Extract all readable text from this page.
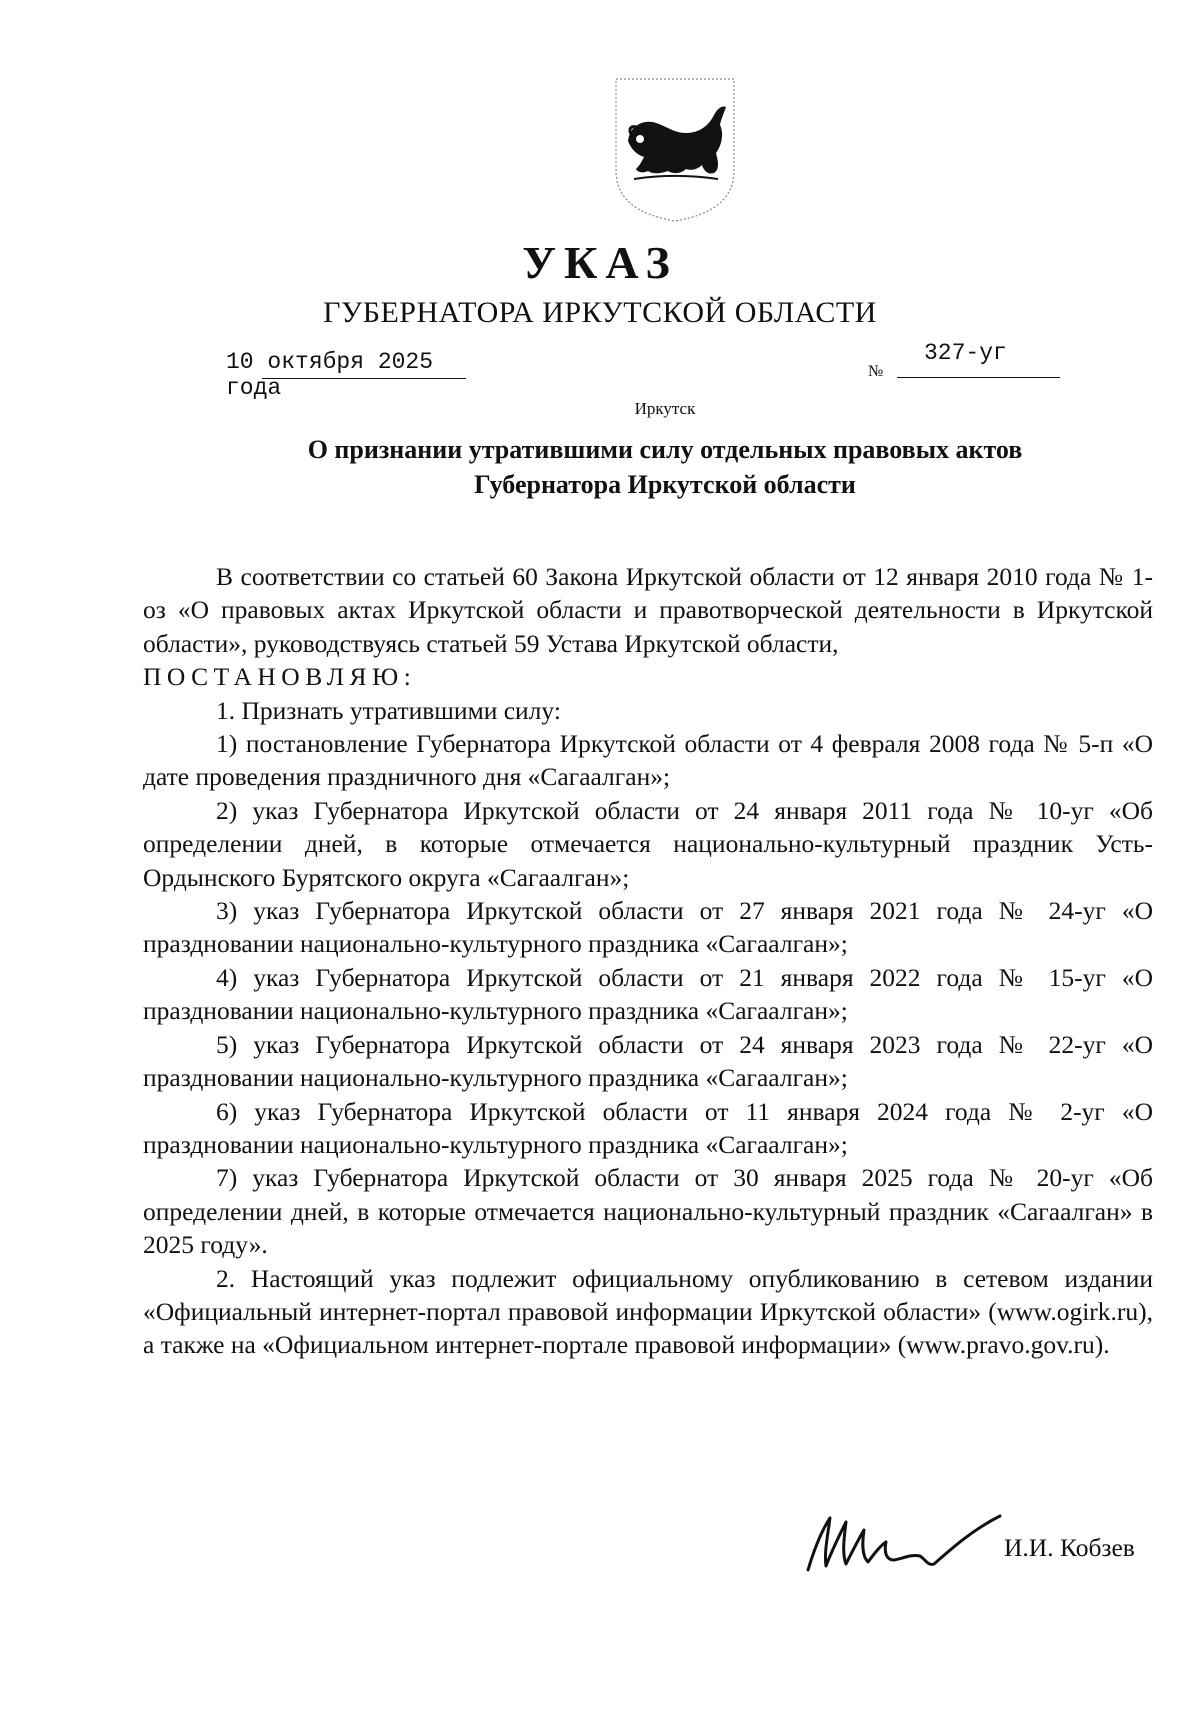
УКАЗ
ГУБЕРНАТОРА ИРКУТСКОЙ ОБЛАСТИ
10 октября 2025 года
№
327-уг
Иркутск
О признании утратившими силу отдельных правовых актов
Губернатора Иркутской области

В соответствии со статьей 60 Закона Иркутской области от 12 января 2010 года № 1-оз «О правовых актах Иркутской области и правотворческой деятельности в Иркутской области», руководствуясь статьей 59 Устава Иркутской области,

ПОСТАНОВЛЯЮ:

1. Признать утратившими силу:

1) постановление Губернатора Иркутской области от 4 февраля 2008 года № 5-п «О дате проведения праздничного дня «Сагаалган»;

2) указ Губернатора Иркутской области от 24 января 2011 года № 10-уг «Об определении дней, в которые отмечается национально-культурный праздник Усть-Ордынского Бурятского округа «Сагаалган»;

3) указ Губернатора Иркутской области от 27 января 2021 года № 24-уг «О праздновании национально-культурного праздника «Сагаалган»;

4) указ Губернатора Иркутской области от 21 января 2022 года № 15-уг «О праздновании национально-культурного праздника «Сагаалган»;

5) указ Губернатора Иркутской области от 24 января 2023 года № 22-уг «О праздновании национально-культурного праздника «Сагаалган»;

6) указ Губернатора Иркутской области от 11 января 2024 года № 2-уг «О праздновании национально-культурного праздника «Сагаалган»;

7) указ Губернатора Иркутской области от 30 января 2025 года № 20-уг «Об определении дней, в которые отмечается национально-культурный праздник «Сагаалган» в 2025 году».

2. Настоящий указ подлежит официальному опубликованию в сетевом издании «Официальный интернет-портал правовой информации Иркутской области» (www.ogirk.ru), а также на «Официальном интернет-портале правовой информации» (www.pravo.gov.ru).

И.И. Кобзев
